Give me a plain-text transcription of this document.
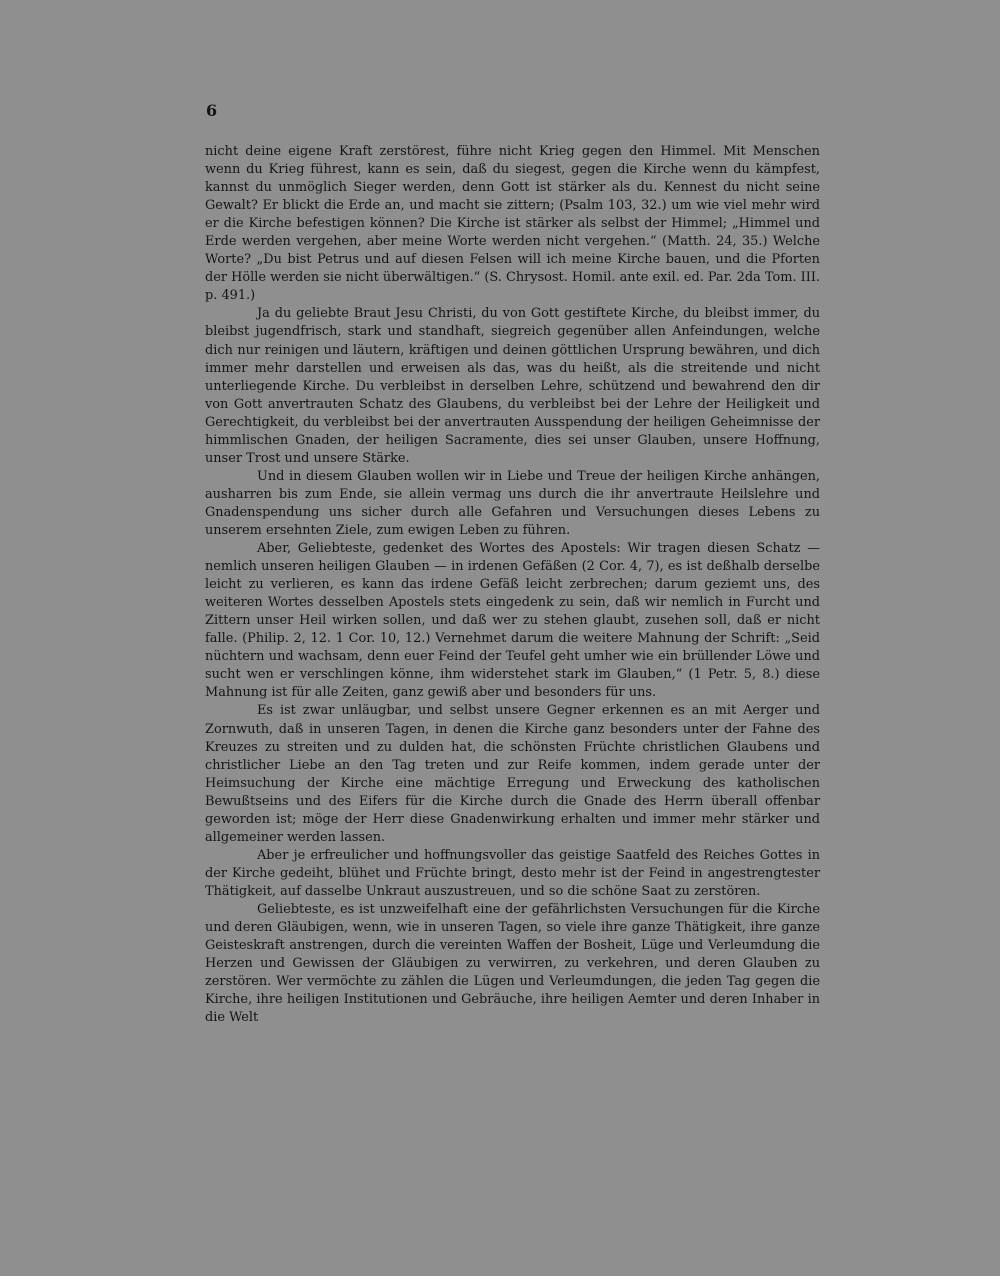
6

nicht deine eigene Kraft zerstörest, führe nicht Krieg gegen den Himmel. Mit Menschen wenn du Krieg führest, kann es sein, daß du siegest, gegen die Kirche wenn du kämpfest, kannst du unmöglich Sieger werden, denn Gott ist stärker als du. Kennest du nicht seine Gewalt? Er blickt die Erde an, und macht sie zittern; (Psalm 103, 32.) um wie viel mehr wird er die Kirche befestigen können? Die Kirche ist stärker als selbst der Himmel; „Himmel und Erde werden vergehen, aber meine Worte werden nicht vergehen.“ (Matth. 24, 35.) Welche Worte? „Du bist Petrus und auf diesen Felsen will ich meine Kirche bauen, und die Pforten der Hölle werden sie nicht überwältigen.“ (S. Chrysost. Homil. ante exil. ed. Par. 2da Tom. III. p. 491.)

Ja du geliebte Braut Jesu Christi, du von Gott gestiftete Kirche, du bleibst immer, du bleibst jugendfrisch, stark und standhaft, siegreich gegenüber allen Anfeindungen, welche dich nur reinigen und läutern, kräftigen und deinen göttlichen Ursprung bewähren, und dich immer mehr darstellen und erweisen als das, was du heißt, als die streitende und nicht unterliegende Kirche. Du verbleibst in derselben Lehre, schützend und bewahrend den dir von Gott anvertrauten Schatz des Glaubens, du verbleibst bei der Lehre der Heiligkeit und Gerechtigkeit, du verbleibst bei der anvertrauten Ausspendung der heiligen Geheimnisse der himmlischen Gnaden, der heiligen Sacramente, dies sei unser Glauben, unsere Hoffnung, unser Trost und unsere Stärke.

Und in diesem Glauben wollen wir in Liebe und Treue der heiligen Kirche anhängen, ausharren bis zum Ende, sie allein vermag uns durch die ihr anvertraute Heilslehre und Gnadenspendung uns sicher durch alle Gefahren und Versuchungen dieses Lebens zu unserem ersehnten Ziele, zum ewigen Leben zu führen.

Aber, Geliebteste, gedenket des Wortes des Apostels: Wir tragen diesen Schatz — nemlich unseren heiligen Glauben — in irdenen Gefäßen (2 Cor. 4, 7), es ist deßhalb derselbe leicht zu verlieren, es kann das irdene Gefäß leicht zerbrechen; darum geziemt uns, des weiteren Wortes desselben Apostels stets eingedenk zu sein, daß wir nemlich in Furcht und Zittern unser Heil wirken sollen, und daß wer zu stehen glaubt, zusehen soll, daß er nicht falle. (Philip. 2, 12. 1 Cor. 10, 12.) Vernehmet darum die weitere Mahnung der Schrift: „Seid nüchtern und wachsam, denn euer Feind der Teufel geht umher wie ein brüllender Löwe und sucht wen er verschlingen könne, ihm widerstehet stark im Glauben,“ (1 Petr. 5, 8.) diese Mahnung ist für alle Zeiten, ganz gewiß aber und besonders für uns.

Es ist zwar unläugbar, und selbst unsere Gegner erkennen es an mit Aerger und Zornwuth, daß in unseren Tagen, in denen die Kirche ganz besonders unter der Fahne des Kreuzes zu streiten und zu dulden hat, die schönsten Früchte christlichen Glaubens und christlicher Liebe an den Tag treten und zur Reife kommen, indem gerade unter der Heimsuchung der Kirche eine mächtige Erregung und Erweckung des katholischen Bewußtseins und des Eifers für die Kirche durch die Gnade des Herrn überall offenbar geworden ist; möge der Herr diese Gnadenwirkung erhalten und immer mehr stärker und allgemeiner werden lassen.

Aber je erfreulicher und hoffnungsvoller das geistige Saatfeld des Reiches Gottes in der Kirche gedeiht, blühet und Früchte bringt, desto mehr ist der Feind in angestrengtester Thätigkeit, auf dasselbe Unkraut auszustreuen, und so die schöne Saat zu zerstören.

Geliebteste, es ist unzweifelhaft eine der gefährlichsten Versuchungen für die Kirche und deren Gläubigen, wenn, wie in unseren Tagen, so viele ihre ganze Thätigkeit, ihre ganze Geisteskraft anstrengen, durch die vereinten Waffen der Bosheit, Lüge und Verleumdung die Herzen und Gewissen der Gläubigen zu verwirren, zu verkehren, und deren Glauben zu zerstören. Wer vermöchte zu zählen die Lügen und Verleumdungen, die jeden Tag gegen die Kirche, ihre heiligen Institutionen und Gebräuche, ihre heiligen Aemter und deren Inhaber in die Welt
